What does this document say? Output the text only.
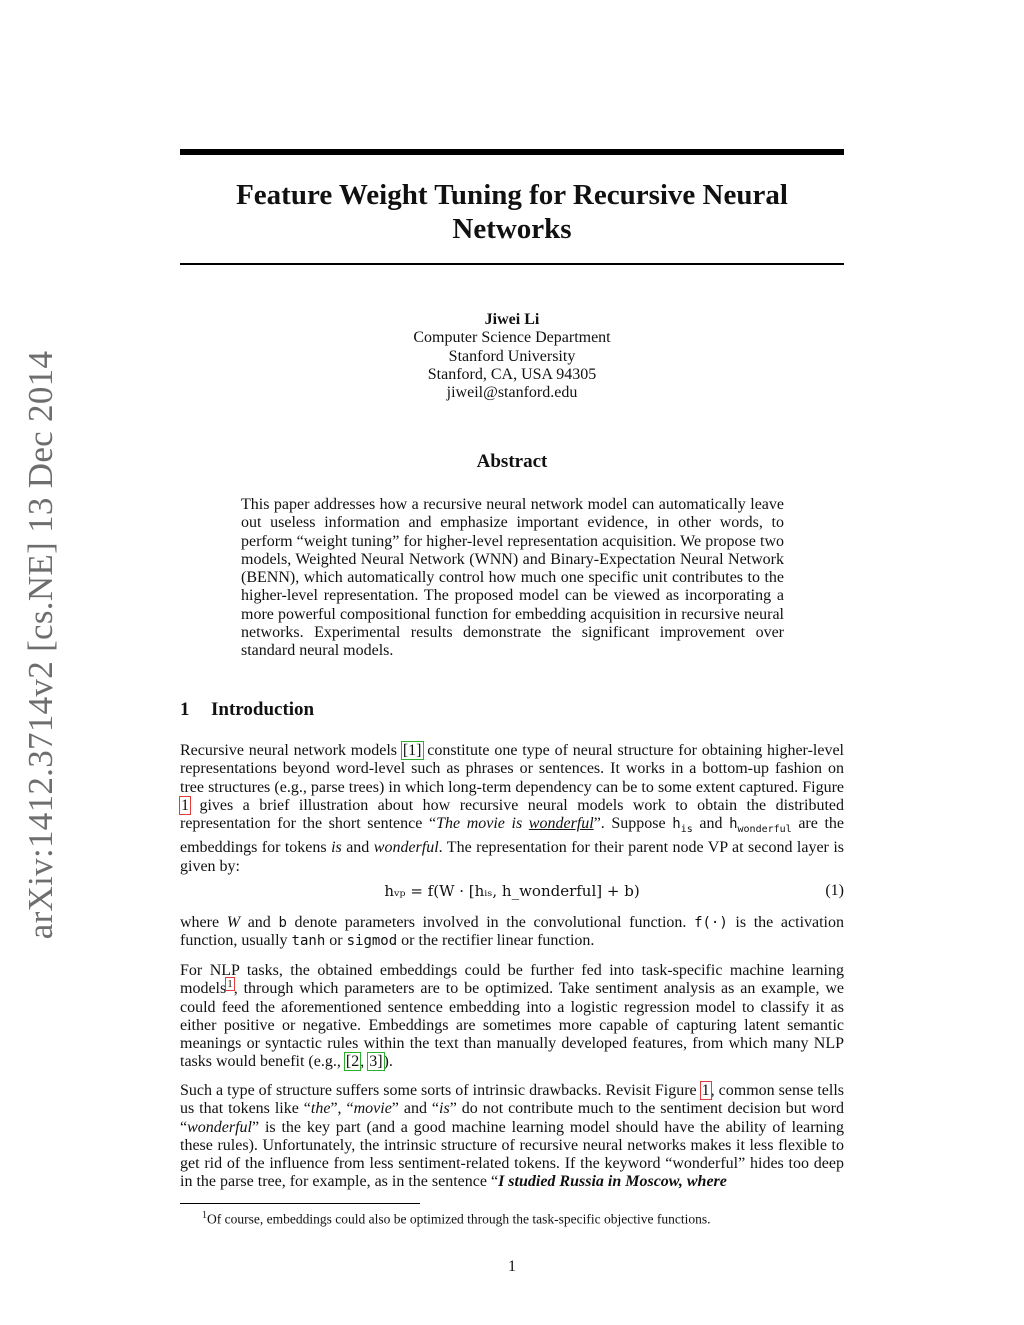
arXiv:1412.3714v2 [cs.NE] 13 Dec 2014
Feature Weight Tuning for Recursive Neural Networks
Jiwei Li
Computer Science Department
Stanford University
Stanford, CA, USA 94305
jiweil@stanford.edu
Abstract
This paper addresses how a recursive neural network model can automatically leave out useless information and emphasize important evidence, in other words, to perform “weight tuning” for higher-level representation acquisition. We propose two models, Weighted Neural Network (WNN) and Binary-Expectation Neural Network (BENN), which automatically control how much one specific unit contributes to the higher-level representation. The proposed model can be viewed as incorporating a more powerful compositional function for embedding acquisition in recursive neural networks. Experimental results demonstrate the significant improvement over standard neural models.
1 Introduction
Recursive neural network models [1] constitute one type of neural structure for obtaining higher-level representations beyond word-level such as phrases or sentences. It works in a bottom-up fashion on tree structures (e.g., parse trees) in which long-term dependency can be to some extent captured. Figure 1 gives a brief illustration about how recursive neural models work to obtain the distributed representation for the short sentence “The movie is wonderful”. Suppose $h_{is}$ and $h_{wonderful}$ are the embeddings for tokens is and wonderful. The representation for their parent node VP at second layer is given by:
hᵥₚ = f(W · [hᵢₛ, h_wonderful] + b)	(1)
where W and b denote parameters involved in the convolutional function. f(·) is the activation function, usually tanh or sigmod or the rectifier linear function.
For NLP tasks, the obtained embeddings could be further fed into task-specific machine learning models$^1$, through which parameters are to be optimized. Take sentiment analysis as an example, we could feed the aforementioned sentence embedding into a logistic regression model to classify it as either positive or negative. Embeddings are sometimes more capable of capturing latent semantic meanings or syntactic rules within the text than manually developed features, from which many NLP tasks would benefit (e.g., [2, 3]).
Such a type of structure suffers some sorts of intrinsic drawbacks. Revisit Figure 1, common sense tells us that tokens like “the”, “movie” and “is” do not contribute much to the sentiment decision but word “wonderful” is the key part (and a good machine learning model should have the ability of learning these rules). Unfortunately, the intrinsic structure of recursive neural networks makes it less flexible to get rid of the influence from less sentiment-related tokens. If the keyword “wonderful” hides too deep in the parse tree, for example, as in the sentence “I studied Russia in Moscow, where
$^1$Of course, embeddings could also be optimized through the task-specific objective functions.
1
